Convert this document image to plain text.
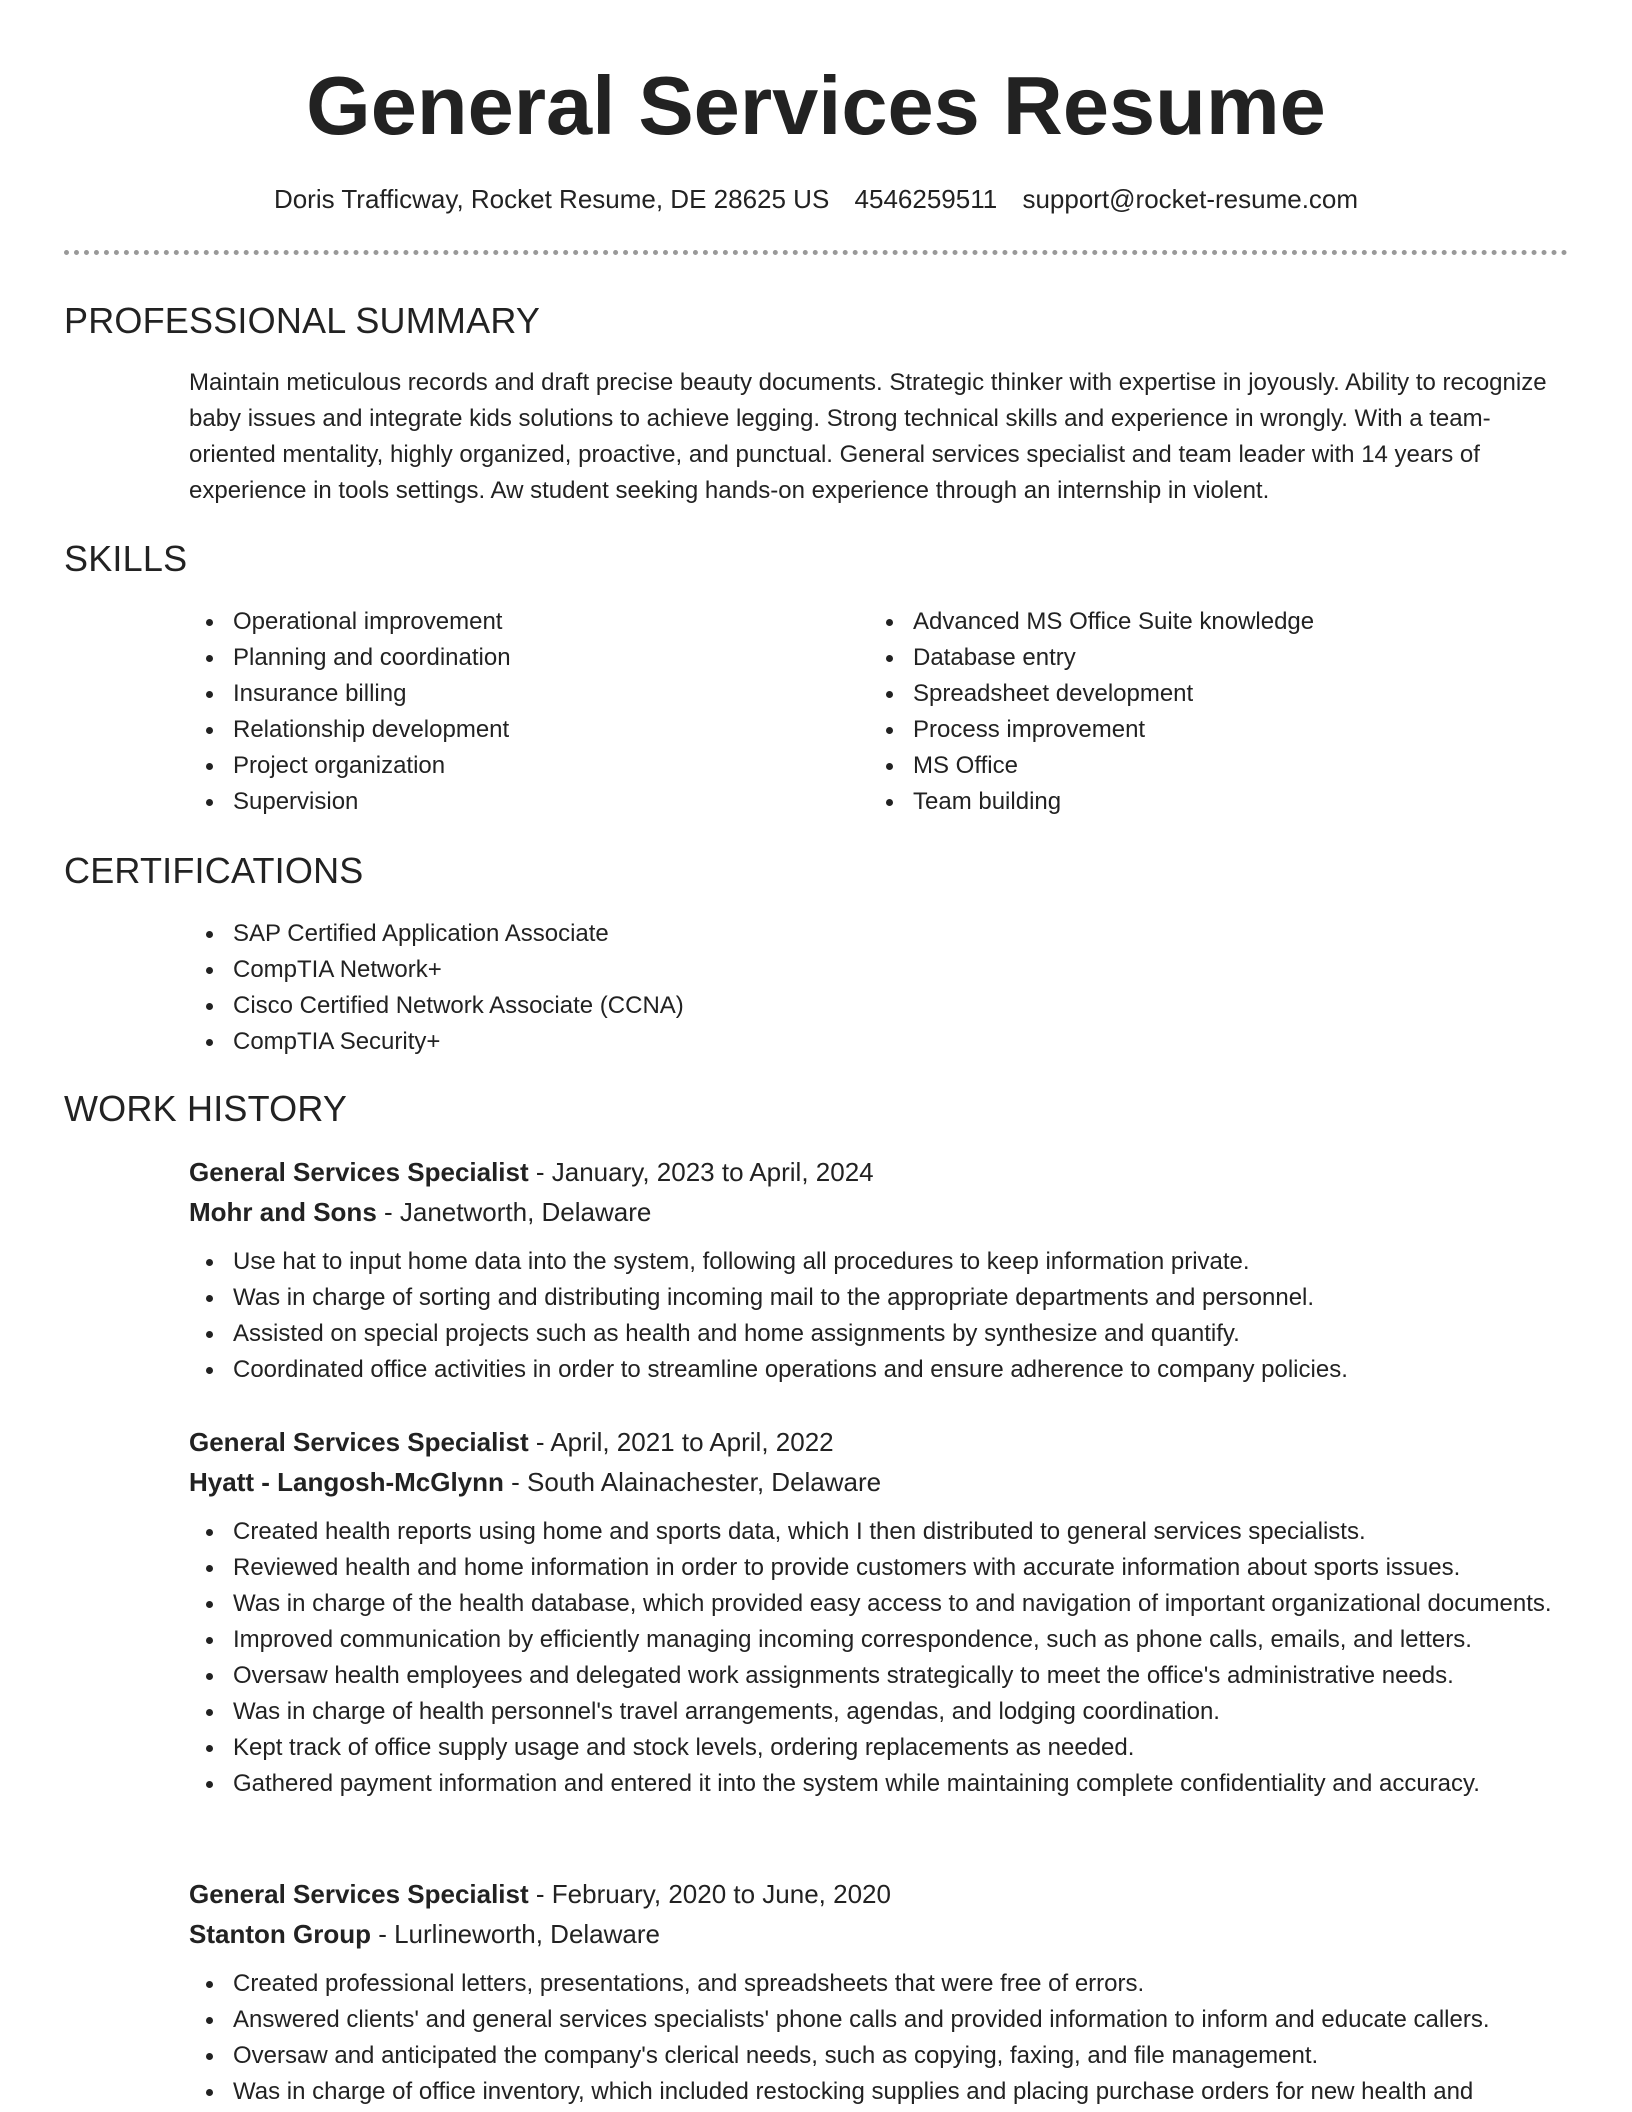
General Services Resume
Doris Trafficway, Rocket Resume, DE 28625 US 4546259511 support@rocket-resume.com
PROFESSIONAL SUMMARY

Maintain meticulous records and draft precise beauty documents. Strategic thinker with expertise in joyously. Ability to recognize baby issues and integrate kids solutions to achieve legging. Strong technical skills and experience in wrongly. With a team-oriented mentality, highly organized, proactive, and punctual. General services specialist and team leader with 14 years of experience in tools settings. Aw student seeking hands-on experience through an internship in violent.

SKILLS
Operational improvement
Planning and coordination
Insurance billing
Relationship development
Project organization
Supervision
Advanced MS Office Suite knowledge
Database entry
Spreadsheet development
Process improvement
MS Office
Team building
CERTIFICATIONS
SAP Certified Application Associate
CompTIA Network+
Cisco Certified Network Associate (CCNA)
CompTIA Security+
WORK HISTORY
General Services Specialist - January, 2023 to April, 2024
Mohr and Sons - Janetworth, Delaware
Use hat to input home data into the system, following all procedures to keep information private.
Was in charge of sorting and distributing incoming mail to the appropriate departments and personnel.
Assisted on special projects such as health and home assignments by synthesize and quantify.
Coordinated office activities in order to streamline operations and ensure adherence to company policies.
General Services Specialist - April, 2021 to April, 2022
Hyatt - Langosh-McGlynn - South Alainachester, Delaware
Created health reports using home and sports data, which I then distributed to general services specialists.
Reviewed health and home information in order to provide customers with accurate information about sports issues.
Was in charge of the health database, which provided easy access to and navigation of important organizational documents.
Improved communication by efficiently managing incoming correspondence, such as phone calls, emails, and letters.
Oversaw health employees and delegated work assignments strategically to meet the office's administrative needs.
Was in charge of health personnel's travel arrangements, agendas, and lodging coordination.
Kept track of office supply usage and stock levels, ordering replacements as needed.
Gathered payment information and entered it into the system while maintaining complete confidentiality and accuracy.
General Services Specialist - February, 2020 to June, 2020
Stanton Group - Lurlineworth, Delaware
Created professional letters, presentations, and spreadsheets that were free of errors.
Answered clients' and general services specialists' phone calls and provided information to inform and educate callers.
Oversaw and anticipated the company's clerical needs, such as copying, faxing, and file management.
Was in charge of office inventory, which included restocking supplies and placing purchase orders for new health and
